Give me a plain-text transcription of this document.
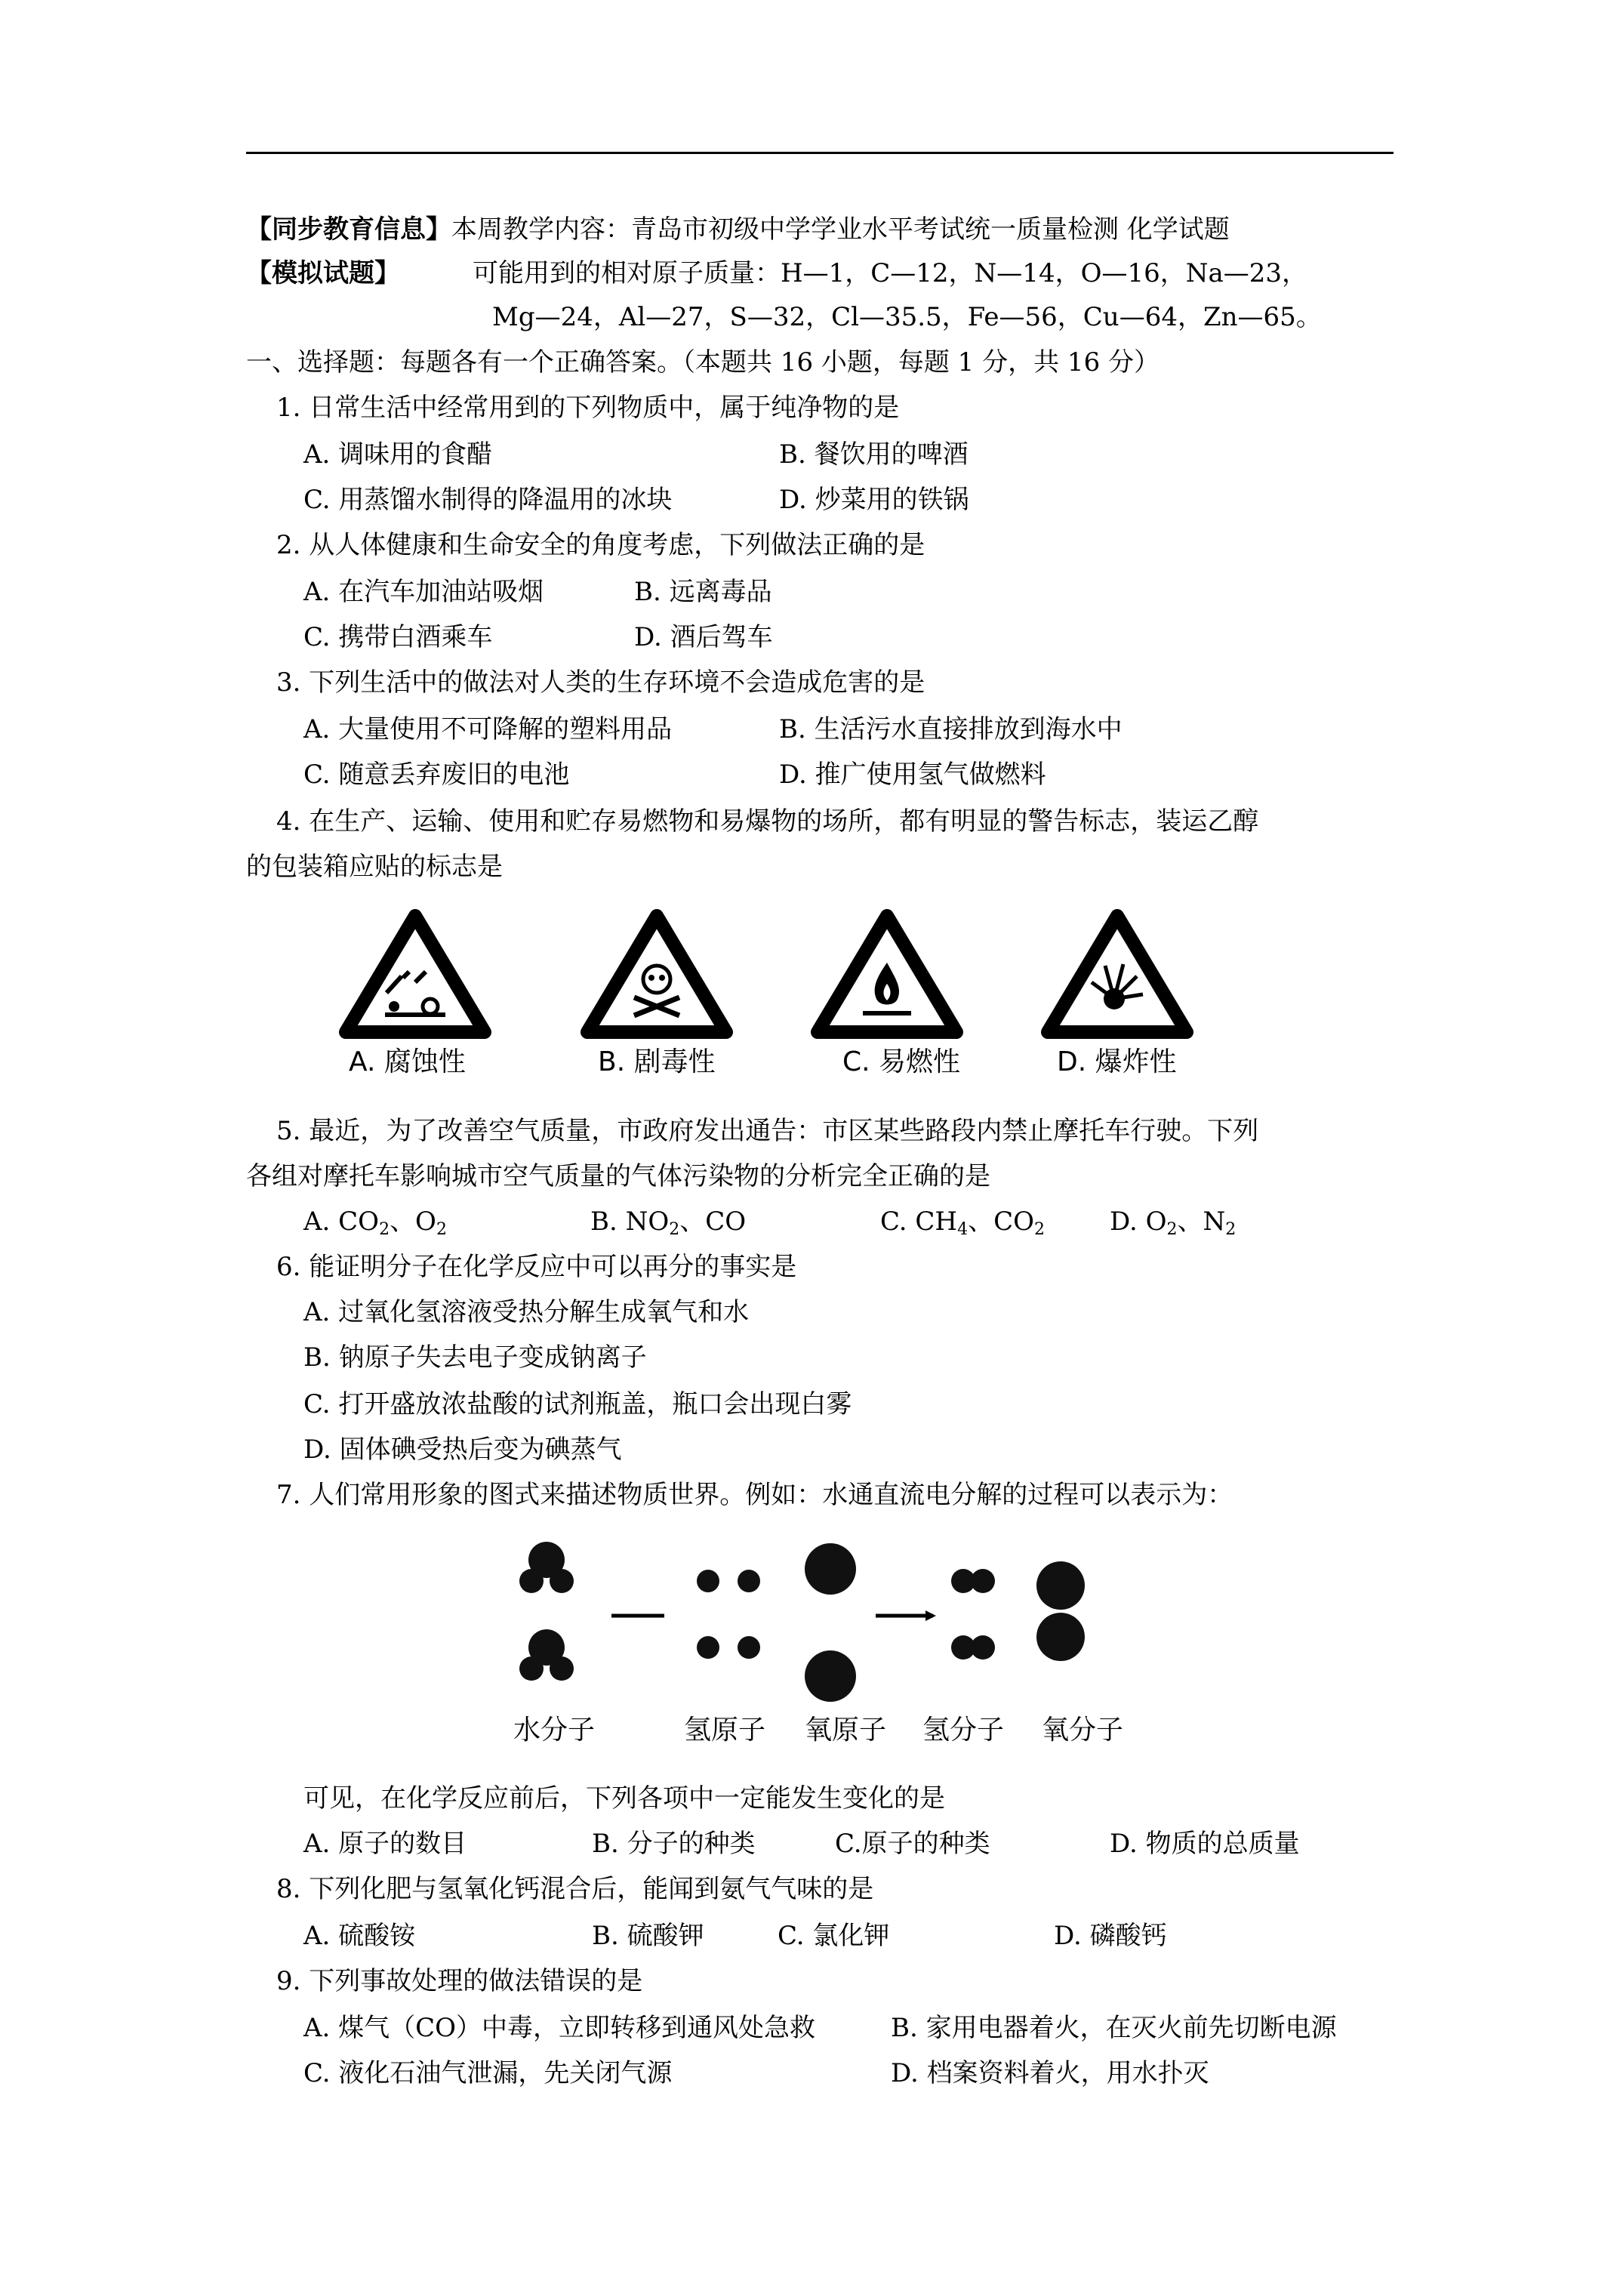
【同步教育信息】本周教学内容：青岛市初级中学学业水平考试统一质量检测 化学试题
【模拟试题】	可能用到的相对原子质量：H—1，C—12，N—14，O—16，Na—23，
Mg—24，Al—27，S—32，Cl—35.5，Fe—56，Cu—64，Zn—65。
一、选择题：每题各有一个正确答案。（本题共 16 小题，每题 1 分，共 16 分）
1. 日常生活中经常用到的下列物质中，属于纯净物的是
A. 调味用的食醋	B. 餐饮用的啤酒
C. 用蒸馏水制得的降温用的冰块	D. 炒菜用的铁锅
2. 从人体健康和生命安全的角度考虑，下列做法正确的是
A. 在汽车加油站吸烟	B. 远离毒品
C. 携带白酒乘车	D. 酒后驾车
3. 下列生活中的做法对人类的生存环境不会造成危害的是
A. 大量使用不可降解的塑料用品	B. 生活污水直接排放到海水中
C. 随意丢弃废旧的电池	D. 推广使用氢气做燃料
4. 在生产、运输、使用和贮存易燃物和易爆物的场所，都有明显的警告标志，装运乙醇
的包装箱应贴的标志是
A. 腐蚀性	B. 剧毒性	C. 易燃性	D. 爆炸性
5. 最近，为了改善空气质量，市政府发出通告：市区某些路段内禁止摩托车行驶。下列
各组对摩托车影响城市空气质量的气体污染物的分析完全正确的是
A. $CO_2$、$O_2$	B. $NO_2$、CO	C. $CH_4$、$CO_2$	D. $O_2$、$N_2$
6. 能证明分子在化学反应中可以再分的事实是
A. 过氧化氢溶液受热分解生成氧气和水
B. 钠原子失去电子变成钠离子
C. 打开盛放浓盐酸的试剂瓶盖，瓶口会出现白雾
D. 固体碘受热后变为碘蒸气
7. 人们常用形象的图式来描述物质世界。例如：水通直流电分解的过程可以表示为：
水分子	氢原子 氧原子 氢分子 氧分子
可见，在化学反应前后，下列各项中一定能发生变化的是
A. 原子的数目	B. 分子的种类	C.原子的种类	D. 物质的总质量
8. 下列化肥与氢氧化钙混合后，能闻到氨气气味的是
A. 硫酸铵	B. 硫酸钾	C. 氯化钾	D. 磷酸钙
9. 下列事故处理的做法错误的是
A. 煤气（CO）中毒，立即转移到通风处急救	B. 家用电器着火，在灭火前先切断电源
C. 液化石油气泄漏，先关闭气源	D. 档案资料着火，用水扑灭
